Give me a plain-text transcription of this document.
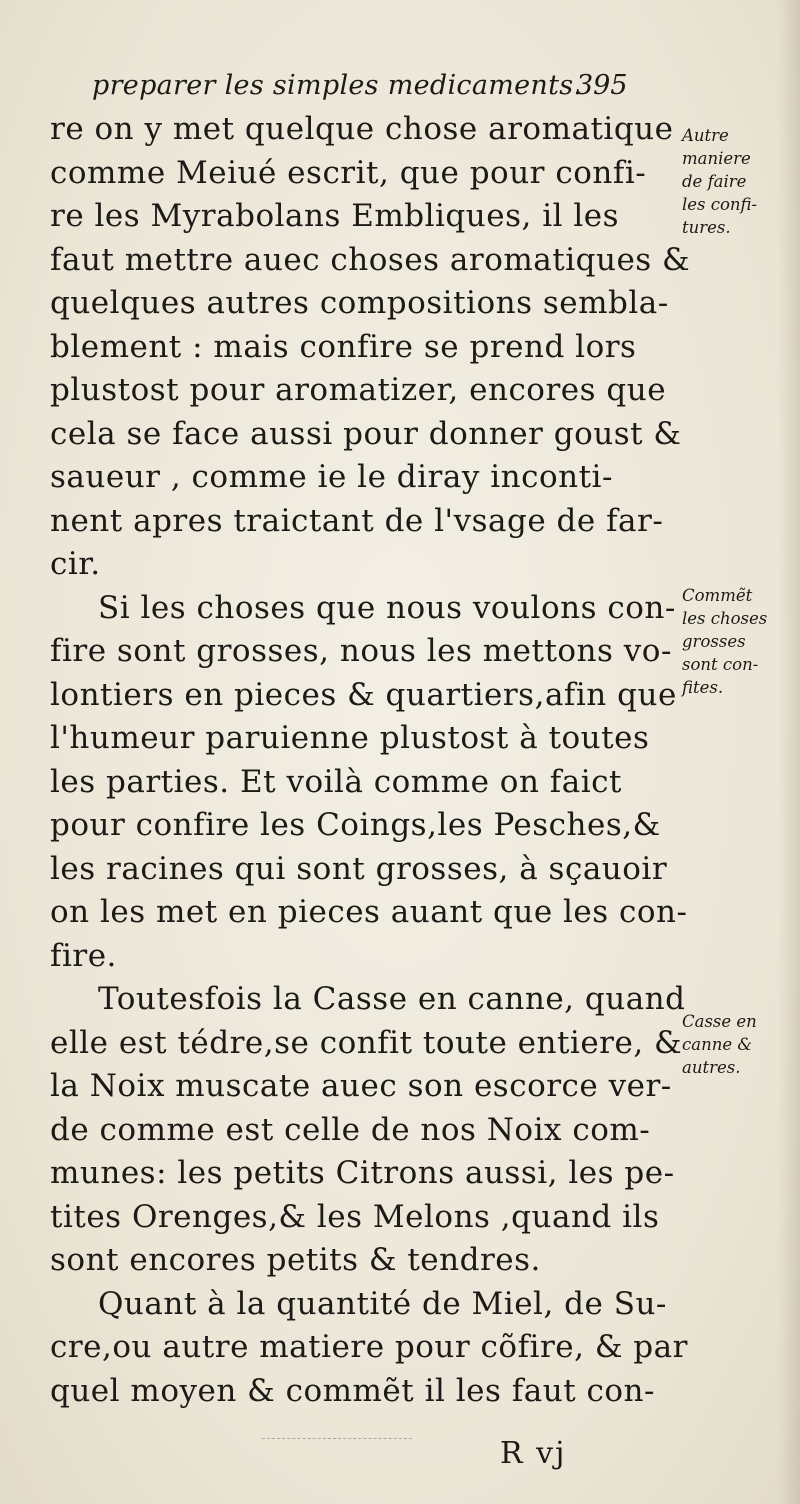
preparer les simples medicaments.
395
re on y met quelque chose aromatique
comme Meiué escrit, que pour confi-
re les Myrabolans Embliques, il les
faut mettre auec choses aromatiques &
quelques autres compositions sembla-
blement : mais confire se prend lors
plustost pour aromatizer, encores que
cela se face aussi pour donner goust &
saueur , comme ie le diray inconti-
nent apres traictant de l'vsage de far-
cir.
Si les choses que nous voulons con-
fire sont grosses, nous les mettons vo-
lontiers en pieces & quartiers,afin que
l'humeur paruienne plustost à toutes
les parties. Et voilà comme on faict
pour confire les Coings,les Pesches,&
les racines qui sont grosses, à sçauoir
on les met en pieces auant que les con-
fire.
Toutesfois la Casse en canne, quand
elle est tédre,se confit toute entiere, &
la Noix muscate auec son escorce ver-
de comme est celle de nos Noix com-
munes: les petits Citrons aussi, les pe-
tites Orenges,& les Melons ,quand ils
sont encores petits & tendres.
Quant à la quantité de Miel, de Su-
cre,ou autre matiere pour cõfire, & par
quel moyen & commẽt il les faut con-
Autre
maniere
de faire
les confi-
tures.
Commẽt
les choses
grosses
sont con-
fites.
Casse en
canne &
autres.
R vj
